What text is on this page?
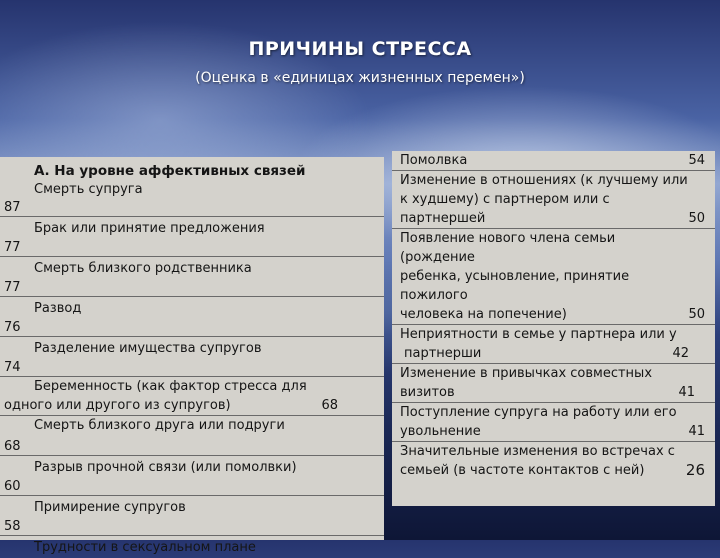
ПРИЧИНЫ СТРЕССА
(Оценка в «единицах жизненных перемен»)
А. На уровне аффективных связей
Смерть супруга
87
Брак или принятие предложения
77
Смерть близкого родственника
77
Развод
76
Разделение имущества супругов
74
Беременность (как фактор стресса для
одного или другого из супругов)	68
Смерть близкого друга или подруги
68
Разрыв прочной связи (или помолвки)
60
Примирение супругов
58
Трудности в сексуальном плане
Помолвка	54
Изменение в отношениях (к лучшему или
к худшему) с партнером или с
партнершей	50
Появление нового члена семьи
(рождение
ребенка, усыновление, принятие
пожилого
человека на попечение)	50
Неприятности в семье у партнера или у
партнерши	42
Изменение в привычках совместных
визитов	41
Поступление супруга на работу или его
увольнение	41
Значительные изменения во встречах с
семьей (в частоте контактов с ней)	26
